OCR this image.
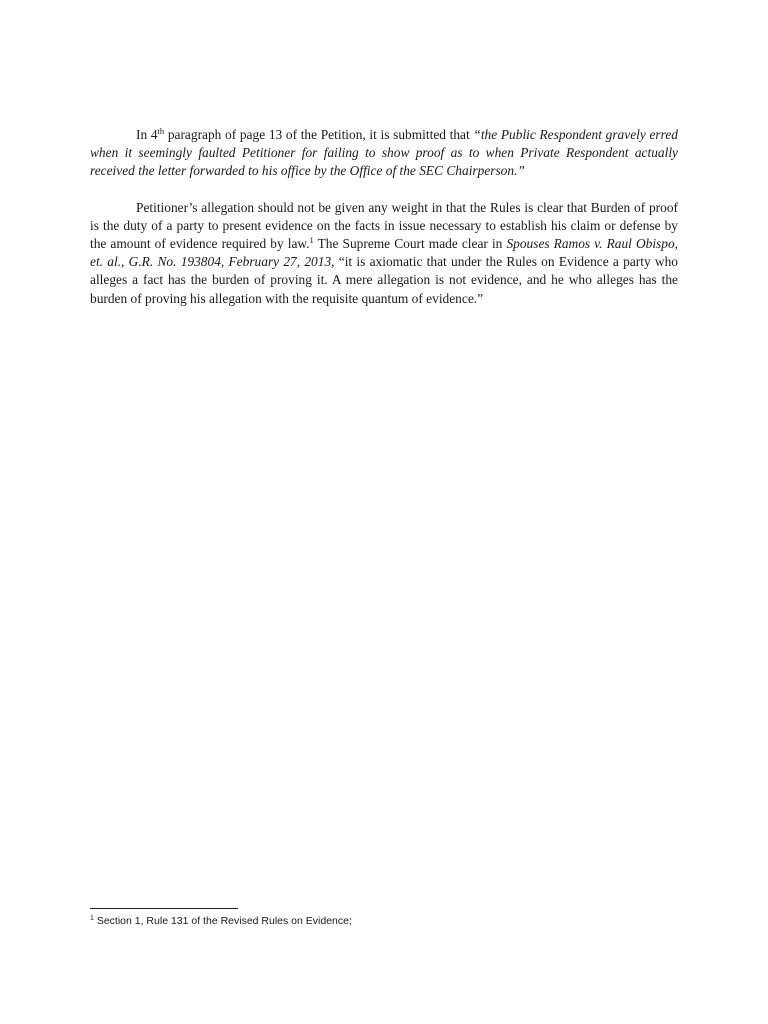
In 4th paragraph of page 13 of the Petition, it is submitted that “the Public Respondent gravely erred when it seemingly faulted Petitioner for failing to show proof as to when Private Respondent actually received the letter forwarded to his office by the Office of the SEC Chairperson.”

Petitioner’s allegation should not be given any weight in that the Rules is clear that Burden of proof is the duty of a party to present evidence on the facts in issue necessary to establish his claim or defense by the amount of evidence required by law.$^1$ The Supreme Court made clear in Spouses Ramos v. Raul Obispo, et. al., G.R. No. 193804, February 27, 2013, “it is axiomatic that under the Rules on Evidence a party who alleges a fact has the burden of proving it. A mere allegation is not evidence, and he who alleges has the burden of proving his allegation with the requisite quantum of evidence.”

$^1$ Section 1, Rule 131 of the Revised Rules on Evidence;
